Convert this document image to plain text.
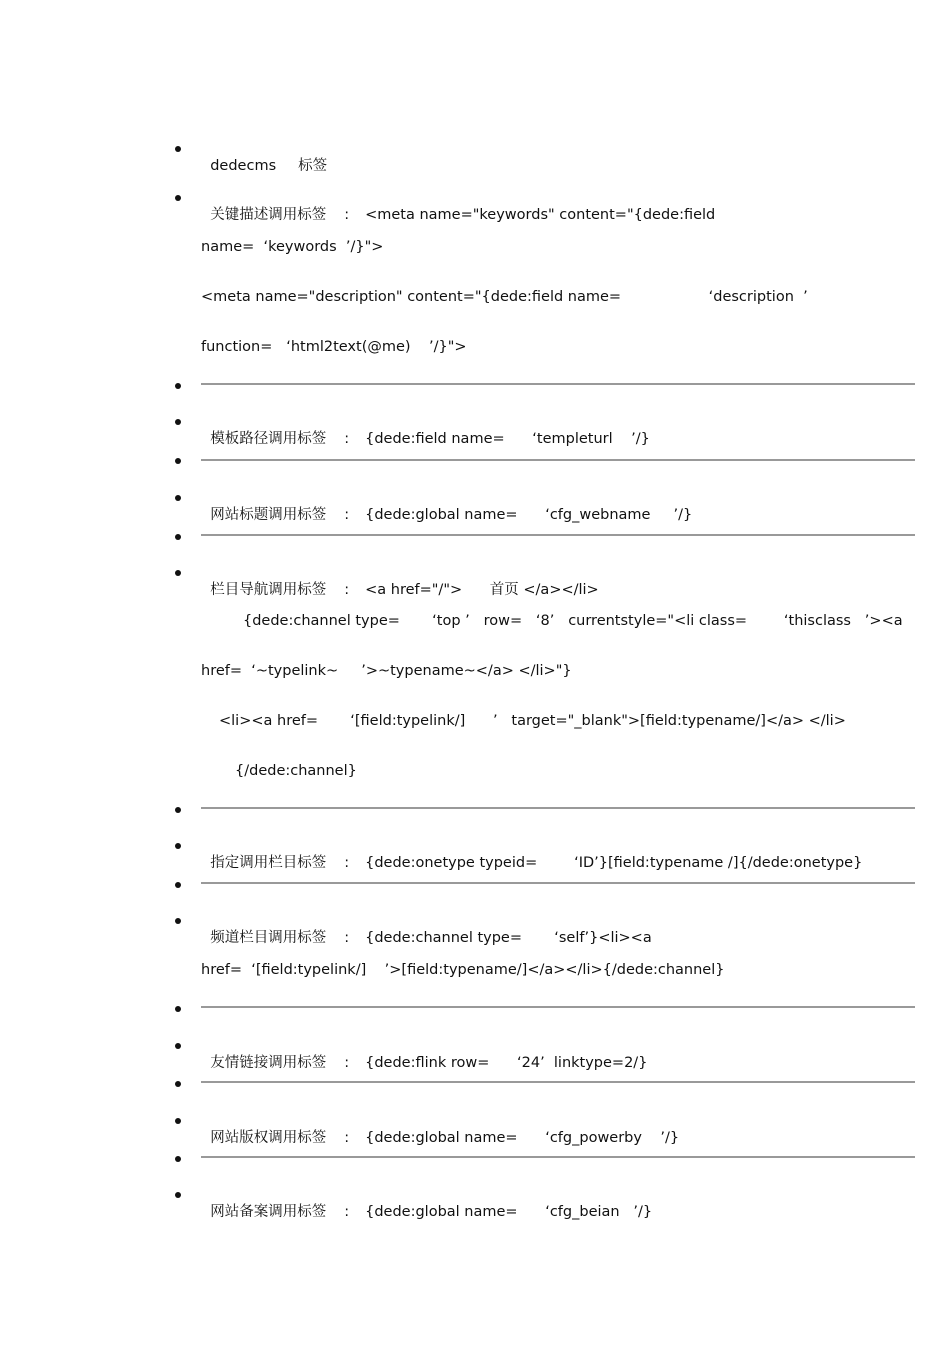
dedecms 标签

关键描述调用标签 : <meta name="keywords" content="{dede:field

name=  ‘keywords  ’/}">
<meta name="description" content="{dede:field name=                   ‘description  ’
function=   ‘html2text(@me)    ’/}">

模板路径调用标签 : {dede:field name=      ‘templeturl    ’/}

网站标题调用标签 : {dede:global name=      ‘cfg_webname     ’/}

栏目导航调用标签 : <a href="/">      首页 </a></li>

{dede:channel type=       ‘top ’   row=   ‘8’   currentstyle="<li class=        ‘thisclass   ’><a
href=  ‘~typelink~     ’>~typename~</a> </li>"}
<li><a href=       ‘[field:typelink/]      ’   target="_blank">[field:typename/]</a> </li>
{/dede:channel}

指定调用栏目标签 : {dede:onetype typeid=        ‘ID’}[field:typename /]{/dede:onetype}

频道栏目调用标签 : {dede:channel type=       ‘self’}<li><a

href=  ‘[field:typelink/]    ’>[field:typename/]</a></li>{/dede:channel}

友情链接调用标签 : {dede:flink row=      ‘24’  linktype=2/}

网站版权调用标签 : {dede:global name=      ‘cfg_powerby    ’/}

网站备案调用标签 : {dede:global name=      ‘cfg_beian   ’/}
